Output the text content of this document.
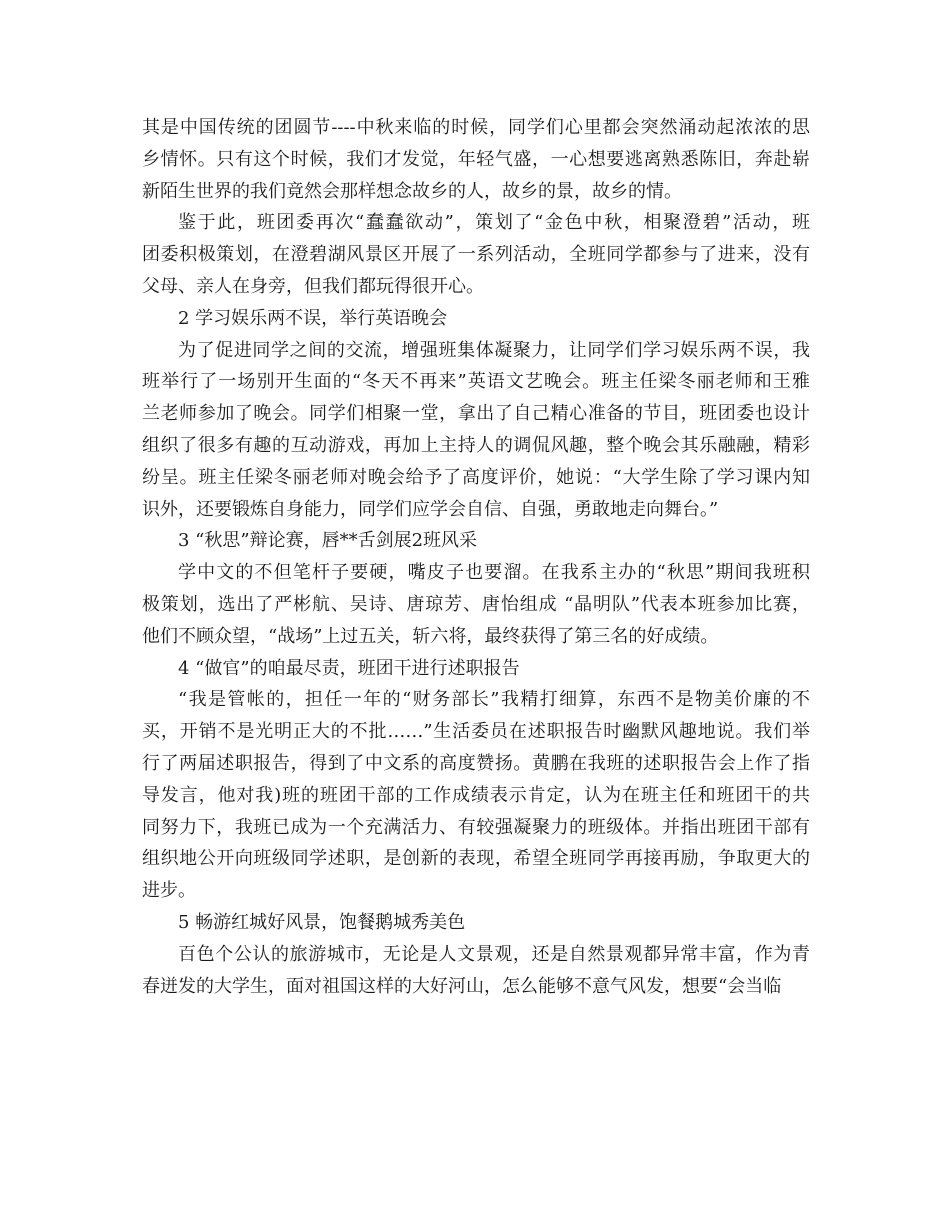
其是中国传统的团圆节----中秋来临的时候，同学们心里都会突然涌动起浓浓的思
乡情怀。只有这个时候，我们才发觉，年轻气盛，一心想要逃离熟悉陈旧，奔赴崭
新陌生世界的我们竟然会那样想念故乡的人，故乡的景，故乡的情。
鉴于此，班团委再次“蠢蠢欲动”，策划了“金色中秋，相聚澄碧”活动，班
团委积极策划，在澄碧湖风景区开展了一系列活动，全班同学都参与了进来，没有
父母、亲人在身旁，但我们都玩得很开心。
2 学习娱乐两不误，举行英语晚会
为了促进同学之间的交流，增强班集体凝聚力，让同学们学习娱乐两不误，我
班举行了一场别开生面的“冬天不再来”英语文艺晚会。班主任梁冬丽老师和王雅
兰老师参加了晚会。同学们相聚一堂，拿出了自己精心准备的节目，班团委也设计
组织了很多有趣的互动游戏，再加上主持人的调侃风趣，整个晚会其乐融融，精彩
纷呈。班主任梁冬丽老师对晚会给予了高度评价，她说：“大学生除了学习课内知
识外，还要锻炼自身能力，同学们应学会自信、自强，勇敢地走向舞台。”
3 “秋思”辩论赛，唇**舌剑展2班风采
学中文的不但笔杆子要硬，嘴皮子也要溜。在我系主办的“秋思”期间我班积
极策划，选出了严彬航、吴诗、唐琼芳、唐怡组成 “晶明队”代表本班参加比赛，
他们不顾众望，“战场”上过五关，斩六将，最终获得了第三名的好成绩。
4 “做官”的咱最尽责，班团干进行述职报告
“我是管帐的，担任一年的“财务部长”我精打细算，东西不是物美价廉的不
买，开销不是光明正大的不批……”生活委员在述职报告时幽默风趣地说。我们举
行了两届述职报告，得到了中文系的高度赞扬。黄鹏在我班的述职报告会上作了指
导发言，他对我)班的班团干部的工作成绩表示肯定，认为在班主任和班团干的共
同努力下，我班已成为一个充满活力、有较强凝聚力的班级体。并指出班团干部有
组织地公开向班级同学述职，是创新的表现，希望全班同学再接再励，争取更大的
进步。
5 畅游红城好风景，饱餐鹅城秀美色
百色个公认的旅游城市，无论是人文景观，还是自然景观都异常丰富，作为青
春迸发的大学生，面对祖国这样的大好河山，怎么能够不意气风发，想要“会当临
